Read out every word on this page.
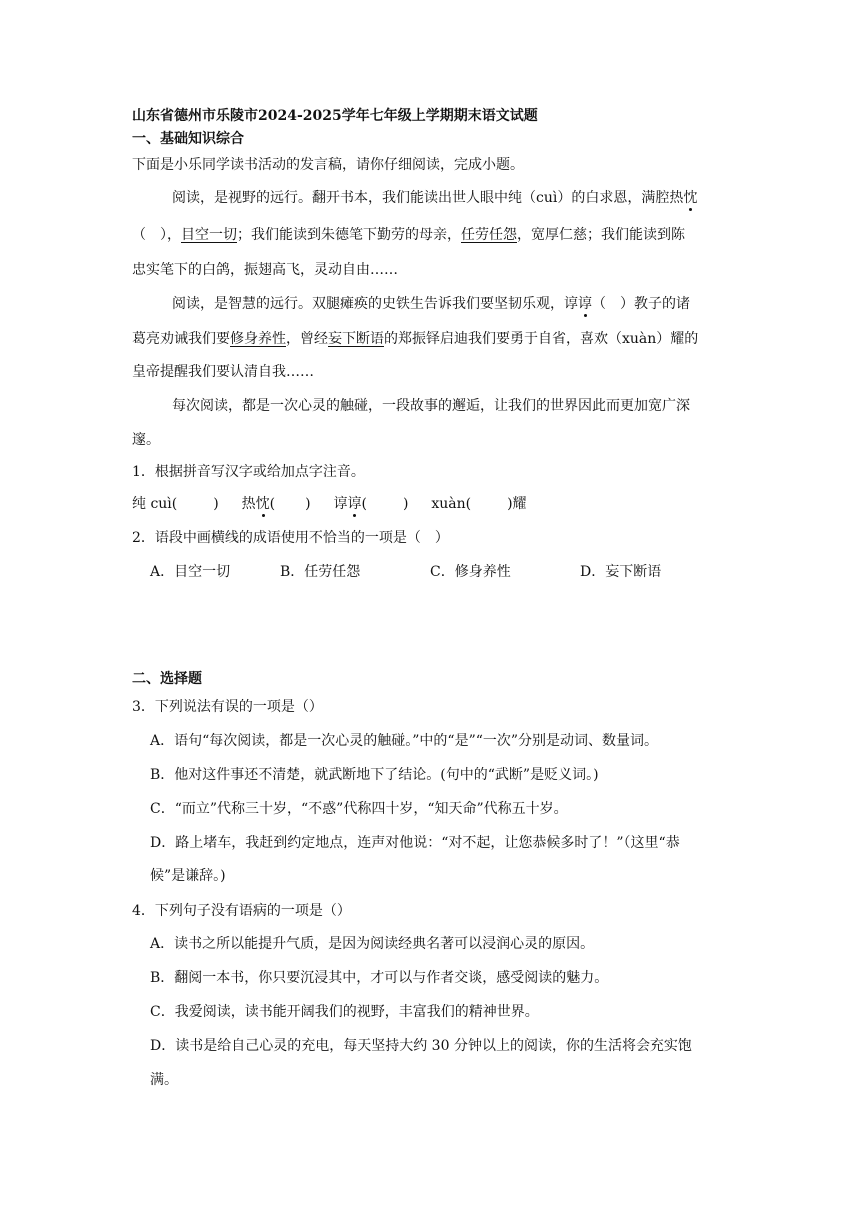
山东省德州市乐陵市2024-2025学年七年级上学期期末语文试题
一、基础知识综合
下面是小乐同学读书活动的发言稿，请你仔细阅读，完成小题。
阅读，是视野的远行。翻开书本，我们能读出世人眼中纯（cuì）的白求恩，满腔热忱
（　），目空一切；我们能读到朱德笔下勤劳的母亲，任劳任怨，宽厚仁慈；我们能读到陈
忠实笔下的白鸽，振翅高飞，灵动自由……
阅读，是智慧的远行。双腿瘫痪的史铁生告诉我们要坚韧乐观，谆谆（　）教子的诸
葛亮劝诫我们要修身养性，曾经妄下断语的郑振铎启迪我们要勇于自省，喜欢（xuàn）耀的
皇帝提醒我们要认清自我……
每次阅读，都是一次心灵的触碰，一段故事的邂逅，让我们的世界因此而更加宽广深
邃。
1．根据拼音写汉字或给加点字注音。
纯 cuì(	) 热忱( ) 谆谆(	) xuàn(	)耀
2．语段中画横线的成语使用不恰当的一项是（　）
A．目空一切	B．任劳任怨	C．修身养性	D．妄下断语
二、选择题
3．下列说法有误的一项是（）
A．语句“每次阅读，都是一次心灵的触碰。”中的“是”“一次”分别是动词、数量词。
B．他对这件事还不清楚，就武断地下了结论。(句中的“武断”是贬义词。)
C．“而立”代称三十岁，“不惑”代称四十岁，“知天命”代称五十岁。
D．路上堵车，我赶到约定地点，连声对他说：“对不起，让您恭候多时了！”（这里“恭
候”是谦辞。)
4．下列句子没有语病的一项是（）
A．读书之所以能提升气质，是因为阅读经典名著可以浸润心灵的原因。
B．翻阅一本书，你只要沉浸其中，才可以与作者交谈，感受阅读的魅力。
C．我爱阅读，读书能开阔我们的视野，丰富我们的精神世界。
D．读书是给自己心灵的充电，每天坚持大约 30 分钟以上的阅读，你的生活将会充实饱
满。
